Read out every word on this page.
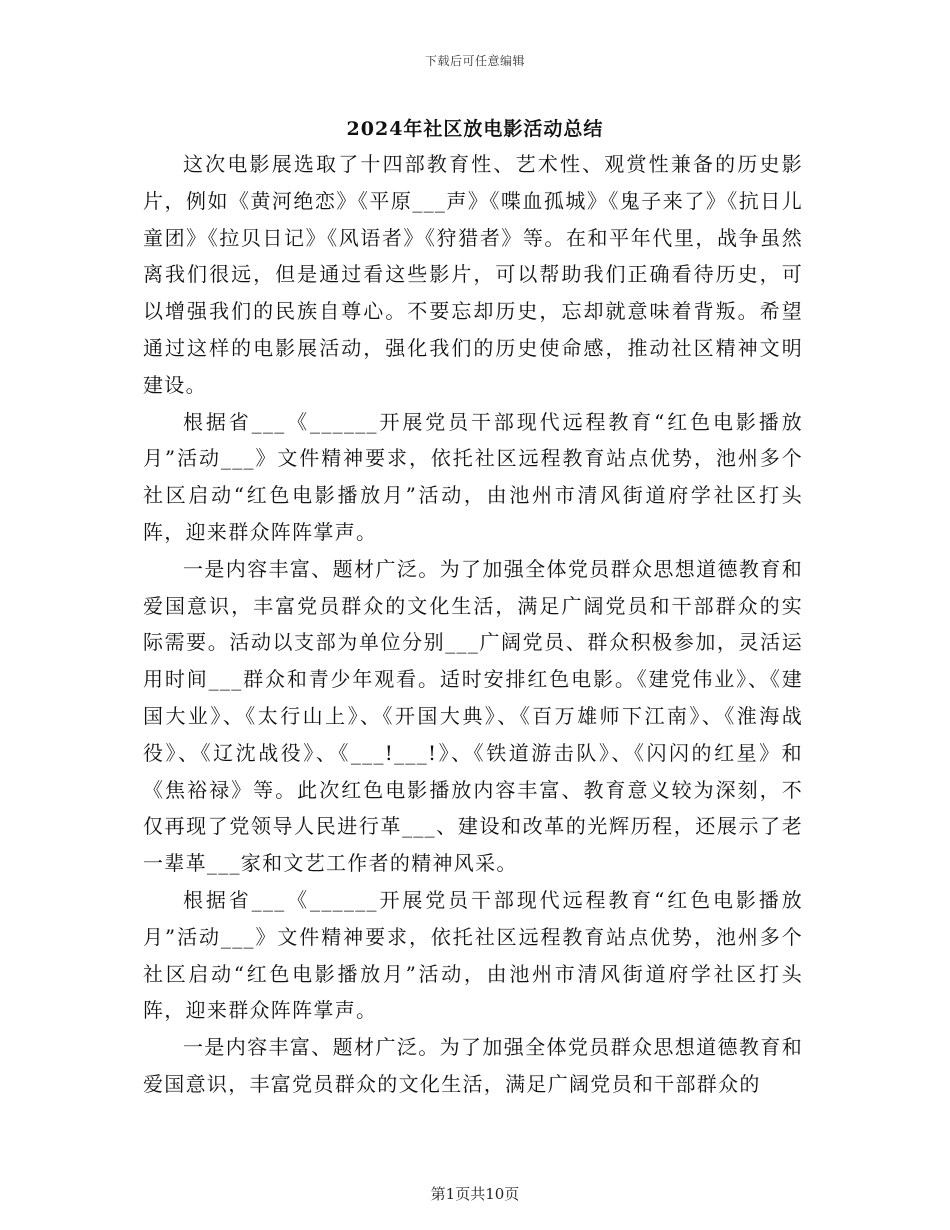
下载后可任意编辑
2024年社区放电影活动总结

这次电影展选取了十四部教育性、艺术性、观赏性兼备的历史影片，例如《黄河绝恋》《平原___声》《喋血孤城》《鬼子来了》《抗日儿童团》《拉贝日记》《风语者》《狩猎者》等。在和平年代里，战争虽然离我们很远，但是通过看这些影片，可以帮助我们正确看待历史，可以增强我们的民族自尊心。不要忘却历史，忘却就意味着背叛。希望通过这样的电影展活动，强化我们的历史使命感，推动社区精神文明建设。

根据省___《______开展党员干部现代远程教育“红色电影播放月”活动___》文件精神要求，依托社区远程教育站点优势，池州多个社区启动“红色电影播放月”活动，由池州市清风街道府学社区打头阵，迎来群众阵阵掌声。

一是内容丰富、题材广泛。为了加强全体党员群众思想道德教育和爱国意识，丰富党员群众的文化生活，满足广阔党员和干部群众的实际需要。活动以支部为单位分别___广阔党员、群众积极参加，灵活运用时间___群众和青少年观看。适时安排红色电影。《建党伟业》、《建国大业》、《太行山上》、《开国大典》、《百万雄师下江南》、《淮海战役》、《辽沈战役》、《___!___!》、《铁道游击队》、《闪闪的红星》和《焦裕禄》等。此次红色电影播放内容丰富、教育意义较为深刻，不仅再现了党领导人民进行革___、建设和改革的光辉历程，还展示了老一辈革___家和文艺工作者的精神风采。

根据省___《______开展党员干部现代远程教育“红色电影播放月”活动___》文件精神要求，依托社区远程教育站点优势，池州多个社区启动“红色电影播放月”活动，由池州市清风街道府学社区打头阵，迎来群众阵阵掌声。

一是内容丰富、题材广泛。为了加强全体党员群众思想道德教育和爱国意识，丰富党员群众的文化生活，满足广阔党员和干部群众的

第1页共10页
